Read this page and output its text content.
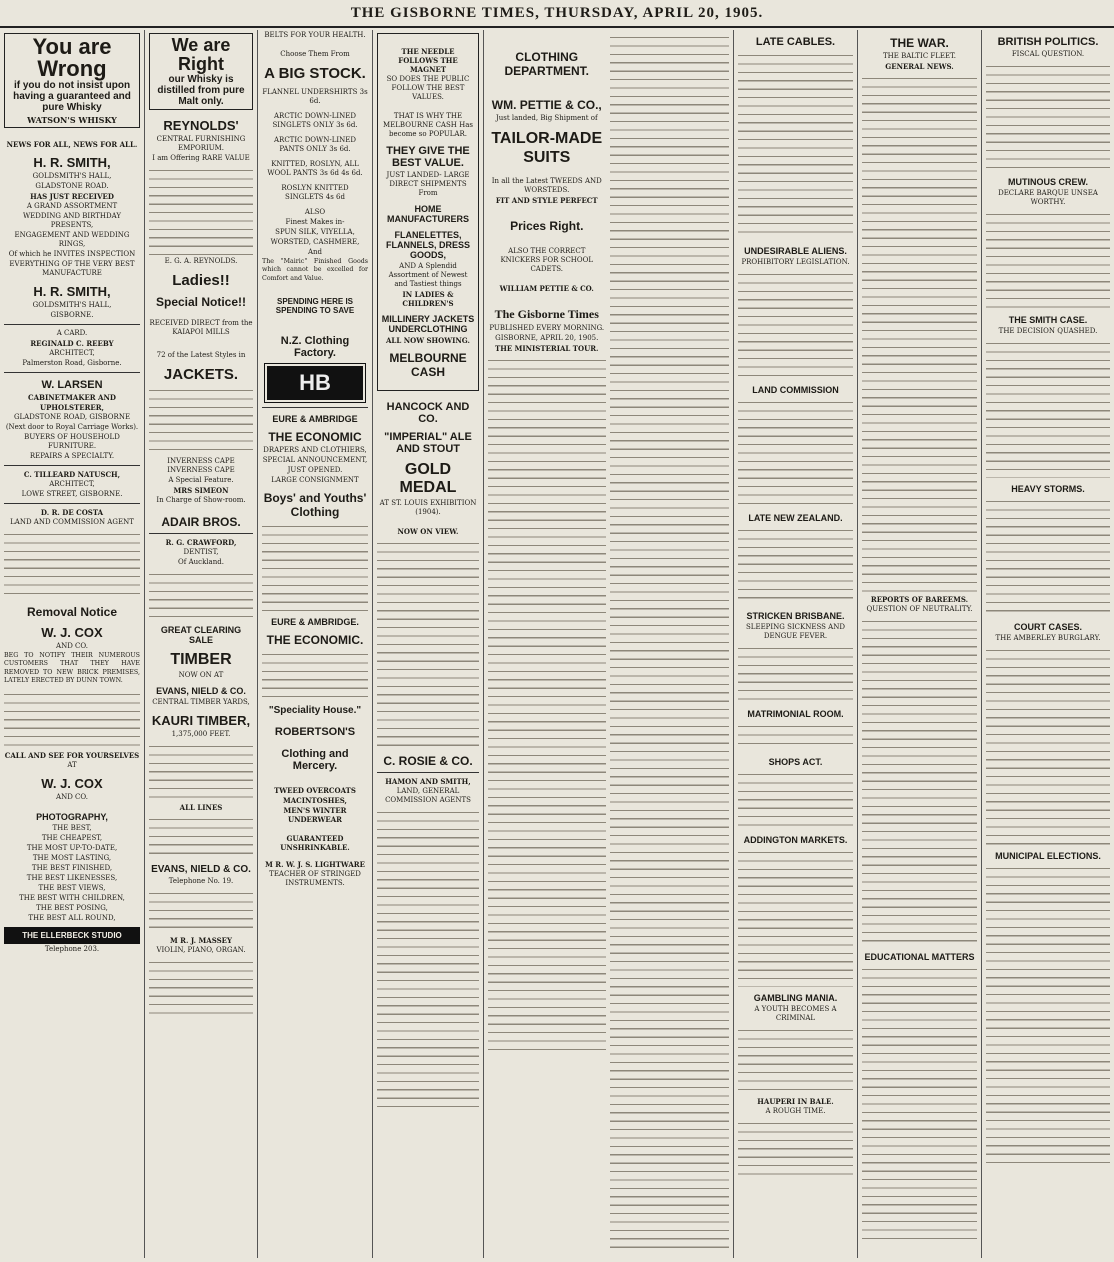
THE GISBORNE TIMES, THURSDAY, APRIL 20, 1905.
You are Wrong
if you do not insist upon having a guaranteed and pure Whisky
WATSON'S WHISKY
NEWS FOR ALL, NEWS FOR ALL.
H. R. SMITH,
GOLDSMITH'S HALL,
GLADSTONE ROAD.
HAS JUST RECEIVED
A GRAND ASSORTMENT
WEDDING AND BIRTHDAY PRESENTS,
ENGAGEMENT AND WEDDING RINGS,
Of which he INVITES INSPECTION
EVERYTHING OF THE VERY BEST MANUFACTURE
H. R. SMITH,
GOLDSMITH'S HALL,
GISBORNE.
A CARD.
REGINALD C. REEBY
ARCHITECT,
Palmerston Road, Gisborne.
W. LARSEN
CABINETMAKER AND
UPHOLSTERER,
GLADSTONE ROAD, GISBORNE
(Next door to Royal Carriage Works).
BUYERS OF HOUSEHOLD FURNITURE.
REPAIRS A SPECIALTY.
C. TILLEARD NATUSCH,
ARCHITECT,
LOWE STREET, GISBORNE.
D. R. DE COSTA
LAND AND COMMISSION AGENT
Removal Notice
W. J. COX
AND CO.
BEG TO NOTIFY THEIR NUMEROUS CUSTOMERS THAT THEY HAVE REMOVED TO NEW BRICK PREMISES, LATELY ERECTED BY DUNN TOWN.
CALL AND SEE FOR YOURSELVES
AT
W. J. COX
AND CO.
PHOTOGRAPHY,
THE BEST,
THE CHEAPEST,
THE MOST UP-TO-DATE,
THE MOST LASTING,
THE BEST FINISHED,
THE BEST LIKENESSES,
THE BEST VIEWS,
THE BEST WITH CHILDREN,
THE BEST POSING,
THE BEST ALL ROUND,
THE ELLERBECK STUDIO
Telephone 203.
We are Right
our Whisky is distilled from pure Malt only.
REYNOLDS'
CENTRAL FURNISHING EMPORIUM.
I am Offering RARE VALUE
E. G. A. REYNOLDS.
Ladies!!
Special Notice!!
RECEIVED DIRECT from the KAIAPOI MILLS
72 of the Latest Styles in
JACKETS.
INVERNESS CAPE INVERNESS CAPE
A Special Feature.
MRS SIMEON
In Charge of Show-room.
ADAIR BROS.
R. G. CRAWFORD,
DENTIST,
Of Auckland.
GREAT CLEARING SALE
TIMBER
NOW ON AT
EVANS, NIELD & CO.
CENTRAL TIMBER YARDS,
KAURI TIMBER,
1,375,000 FEET.
ALL LINES
EVANS, NIELD & CO.
Telephone No. 19.
M R. J. MASSEY
VIOLIN, PIANO, ORGAN.
BELTS FOR YOUR HEALTH.
Choose Them From
A BIG STOCK.
FLANNEL UNDERSHIRTS 3s 6d.
ARCTIC DOWN-LINED SINGLETS ONLY 3s 6d.
ARCTIC DOWN-LINED PANTS ONLY 3s 6d.
KNITTED, ROSLYN, ALL WOOL PANTS 3s 6d 4s 6d.
ROSLYN KNITTED SINGLETS 4s 6d
ALSO
Finest Makes in-
SPUN SILK, VIYELLA,
WORSTED, CASHMERE,
And
The "Mairic" Finished Goods which cannot be excelled for Comfort and Value.
SPENDING HERE IS SPENDING TO SAVE
N.Z. Clothing Factory.
HB
EURE & AMBRIDGE
THE ECONOMIC
DRAPERS AND CLOTHIERS,
SPECIAL ANNOUNCEMENT,
JUST OPENED.
LARGE CONSIGNMENT
Boys' and Youths' Clothing
EURE & AMBRIDGE.
THE ECONOMIC.
"Speciality House."
ROBERTSON'S
Clothing and Mercery.
TWEED OVERCOATS
MACINTOSHES,
MEN'S WINTER UNDERWEAR
GUARANTEED UNSHRINKABLE.
M R. W. J. S. LIGHTWARE
TEACHER OF STRINGED INSTRUMENTS.
THE NEEDLE FOLLOWS THE MAGNET
SO DOES THE PUBLIC FOLLOW THE BEST VALUES.
THAT IS WHY THE MELBOURNE CASH Has become so POPULAR.
THEY GIVE THE BEST VALUE.
JUST LANDED- LARGE DIRECT SHIPMENTS From
HOME MANUFACTURERS
FLANELETTES, FLANNELS, DRESS GOODS,
AND A Splendid Assortment of Newest and Tastiest things
IN LADIES & CHILDREN'S
MILLINERY JACKETS UNDERCLOTHING
ALL NOW SHOWING.
MELBOURNE CASH
HANCOCK AND CO.
"IMPERIAL" ALE AND STOUT
GOLD MEDAL
AT ST. LOUIS EXHIBITION (1904).
NOW ON VIEW.
C. ROSIE & CO.
HAMON AND SMITH,
LAND, GENERAL COMMISSION AGENTS
CLOTHING DEPARTMENT.
WM. PETTIE & CO.,
Just landed, Big Shipment of
TAILOR-MADE SUITS
In all the Latest TWEEDS AND WORSTEDS.
FIT AND STYLE PERFECT
Prices Right.
ALSO THE CORRECT KNICKERS FOR SCHOOL CADETS.
WILLIAM PETTIE & CO.
The Gisborne Times
PUBLISHED EVERY MORNING.
GISBORNE, APRIL 20, 1905.
THE MINISTERIAL TOUR.
LATE CABLES.
UNDESIRABLE ALIENS.
PROHIBITORY LEGISLATION.
LAND COMMISSION
LATE NEW ZEALAND.
STRICKEN BRISBANE.
SLEEPING SICKNESS AND DENGUE FEVER.
MATRIMONIAL ROOM.
SHOPS ACT.
ADDINGTON MARKETS.
GAMBLING MANIA.
A YOUTH BECOMES A CRIMINAL
HAUPERI IN BALE.
A ROUGH TIME.
THE WAR.
THE BALTIC FLEET.
GENERAL NEWS.
REPORTS OF BAREEMS.
QUESTION OF NEUTRALITY.
EDUCATIONAL MATTERS
BRITISH POLITICS.
FISCAL QUESTION.
MUTINOUS CREW.
DECLARE BARQUE UNSEA WORTHY.
THE SMITH CASE.
THE DECISION QUASHED.
HEAVY STORMS.
COURT CASES.
THE AMBERLEY BURGLARY.
MUNICIPAL ELECTIONS.
